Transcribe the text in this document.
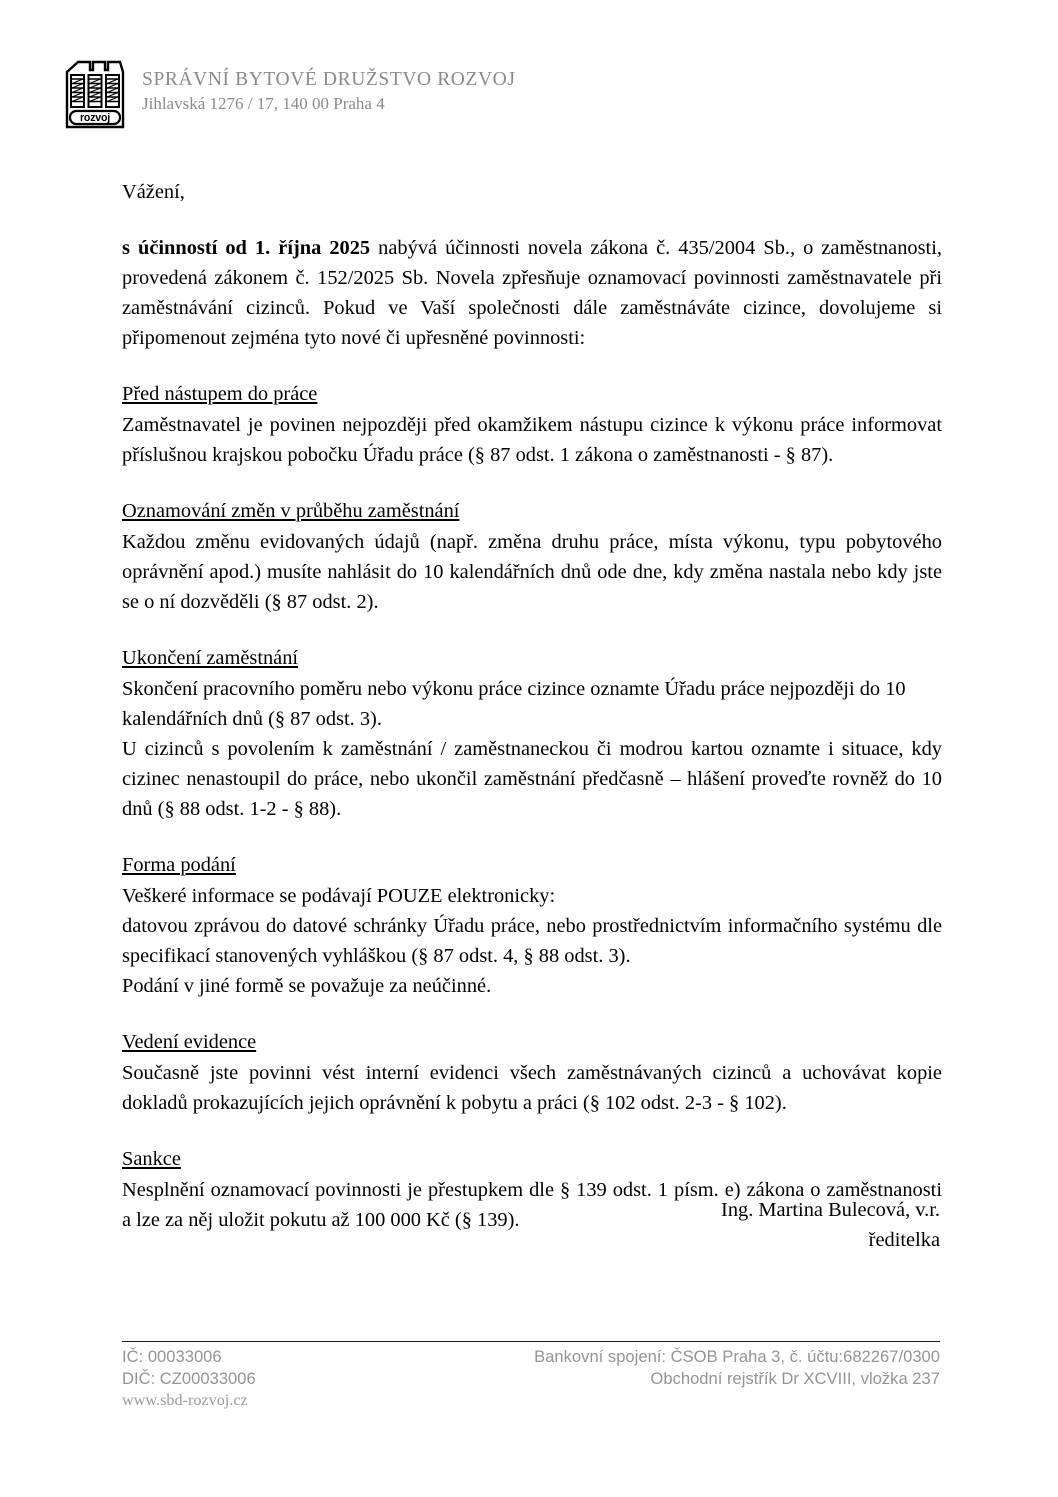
rozvoj
SPRÁVNÍ BYTOVÉ DRUŽSTVO ROZVOJ
Jihlavská 1276 / 17, 140 00 Praha 4

Vážení,

s účinností od 1. října 2025 nabývá účinnosti novela zákona č. 435/2004 Sb., o zaměstnanosti, provedená zákonem č. 152/2025 Sb. Novela zpřesňuje oznamovací povinnosti zaměstnavatele při zaměstnávání cizinců. Pokud ve Vaší společnosti dále zaměstnáváte cizince, dovolujeme si připomenout zejména tyto nové či upřesněné povinnosti:

Před nástupem do práce

Zaměstnavatel je povinen nejpozději před okamžikem nástupu cizince k výkonu práce informovat příslušnou krajskou pobočku Úřadu práce (§ 87 odst. 1 zákona o zaměstnanosti - § 87).

Oznamování změn v průběhu zaměstnání

Každou změnu evidovaných údajů (např. změna druhu práce, místa výkonu, typu pobytového oprávnění apod.) musíte nahlásit do 10 kalendářních dnů ode dne, kdy změna nastala nebo kdy jste se o ní dozvěděli (§ 87 odst. 2).

Ukončení zaměstnání

Skončení pracovního poměru nebo výkonu práce cizince oznamte Úřadu práce nejpozději do 10 kalendářních dnů (§ 87 odst. 3).

U cizinců s povolením k zaměstnání / zaměstnaneckou či modrou kartou oznamte i situace, kdy cizinec nenastoupil do práce, nebo ukončil zaměstnání předčasně – hlášení proveďte rovněž do 10 dnů (§ 88 odst. 1-2 - § 88).

Forma podání

Veškeré informace se podávají POUZE elektronicky:

datovou zprávou do datové schránky Úřadu práce, nebo prostřednictvím informačního systému dle specifikací stanovených vyhláškou (§ 87 odst. 4, § 88 odst. 3).

Podání v jiné formě se považuje za neúčinné.

Vedení evidence

Současně jste povinni vést interní evidenci všech zaměstnávaných cizinců a uchovávat kopie dokladů prokazujících jejich oprávnění k pobytu a práci (§ 102 odst. 2-3 - § 102).

Sankce

Nesplnění oznamovací povinnosti je přestupkem dle § 139 odst. 1 písm. e) zákona o zaměstnanosti a lze za něj uložit pokutu až 100 000 Kč (§ 139).	Ing. Martina Bulecová, v.r.
ředitelka
IČ: 00033006
DIČ: CZ00033006
www.sbd-rozvoj.cz
Bankovní spojení: ČSOB Praha 3, č. účtu:682267/0300
Obchodní rejstřík Dr XCVIII, vložka 237
